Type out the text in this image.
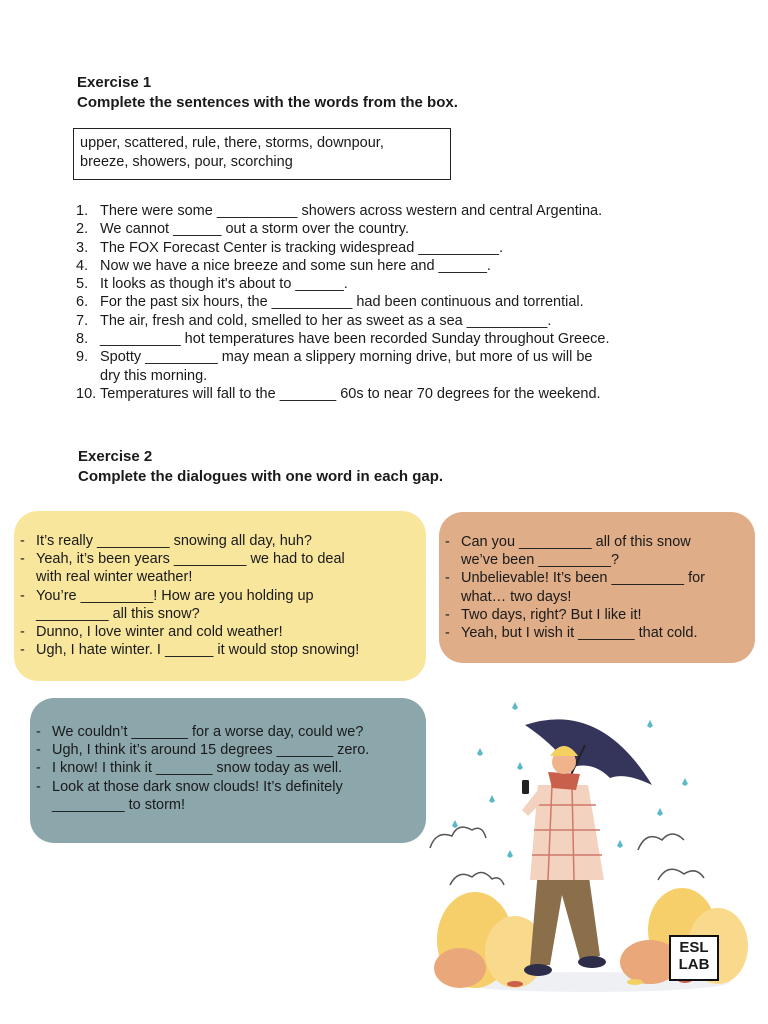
Exercise 1
Complete the sentences with the words from the box.
upper, scattered, rule, there, storms, downpour,
breeze, showers, pour, scorching
1. There were some __________ showers across western and central Argentina.
2. We cannot ______ out a storm over the country.
3. The FOX Forecast Center is tracking widespread __________.
4. Now we have a nice breeze and some sun here and ______.
5. It looks as though it's about to ______.
6. For the past six hours, the __________ had been continuous and torrential.
7. The air, fresh and cold, smelled to her as sweet as a sea __________.
8. __________ hot temperatures have been recorded Sunday throughout Greece.
9. Spotty _________ may mean a slippery morning drive, but more of us will be
dry this morning.
10. Temperatures will fall to the _______ 60s to near 70 degrees for the weekend.
Exercise 2
Complete the dialogues with one word in each gap.
- It’s really _________ snowing all day, huh?
- Yeah, it’s been years _________ we had to deal
with real winter weather!
- You’re _________! How are you holding up
_________ all this snow?
- Dunno, I love winter and cold weather!
- Ugh, I hate winter. I ______ it would stop snowing!
- Can you _________ all of this snow
we’ve been _________?
- Unbelievable! It’s been _________ for
what… two days!
- Two days, right? But I like it!
- Yeah, but I wish it _______ that cold.
- We couldn’t _______ for a worse day, could we?
- Ugh, I think it’s around 15 degrees _______ zero.
- I know! I think it _______ snow today as well.
- Look at those dark snow clouds! It’s definitely
_________ to storm!
ESL
LAB
